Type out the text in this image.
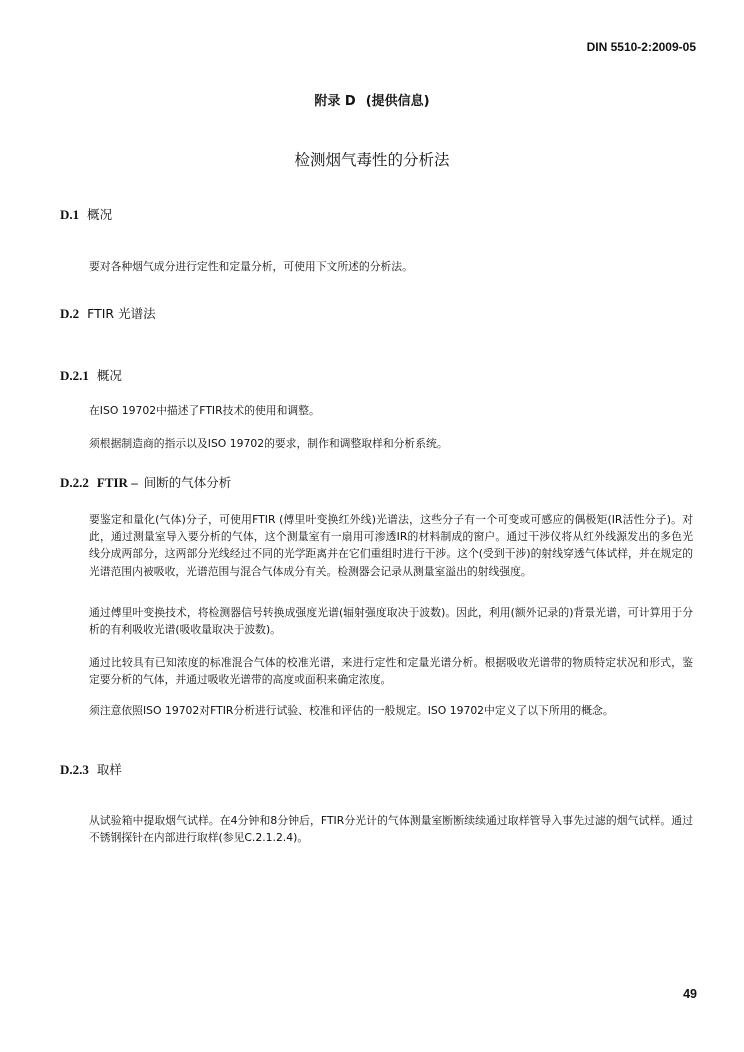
DIN 5510-2:2009-05
附录 D (提供信息)
检测烟气毒性的分析法
D.1 概况

要对各种烟气成分进行定性和定量分析，可使用下文所述的分析法。

D.2 FTIR 光谱法
D.2.1 概况

在ISO 19702中描述了FTIR技术的使用和调整。

须根据制造商的指示以及ISO 19702的要求，制作和调整取样和分析系统。

D.2.2 FTIR – 间断的气体分析

要鉴定和量化(气体)分子，可使用FTIR (傅里叶变换红外线)光谱法，这些分子有一个可变或可感应的偶极矩(IR活性分子)。对此，通过测量室导入要分析的气体，这个测量室有一扇用可渗透IR的材料制成的窗户。通过干涉仪将从红外线源发出的多色光线分成两部分，这两部分光线经过不同的光学距离并在它们重组时进行干涉。这个(受到干涉)的射线穿透气体试样，并在规定的光谱范围内被吸收，光谱范围与混合气体成分有关。检测器会记录从测量室溢出的射线强度。

通过傅里叶变换技术，将检测器信号转换成强度光谱(辐射强度取决于波数)。因此，利用(额外记录的)背景光谱，可计算用于分析的有利吸收光谱(吸收量取决于波数)。

通过比较具有已知浓度的标准混合气体的校准光谱，来进行定性和定量光谱分析。根据吸收光谱带的物质特定状况和形式，鉴定要分析的气体，并通过吸收光谱带的高度或面积来确定浓度。

须注意依照ISO 19702对FTIR分析进行试验、校准和评估的一般规定。ISO 19702中定义了以下所用的概念。

D.2.3 取样

从试验箱中提取烟气试样。在4分钟和8分钟后，FTIR分光计的气体测量室断断续续通过取样管导入事先过滤的烟气试样。通过不锈钢探针在内部进行取样(参见C.2.1.2.4)。

49
